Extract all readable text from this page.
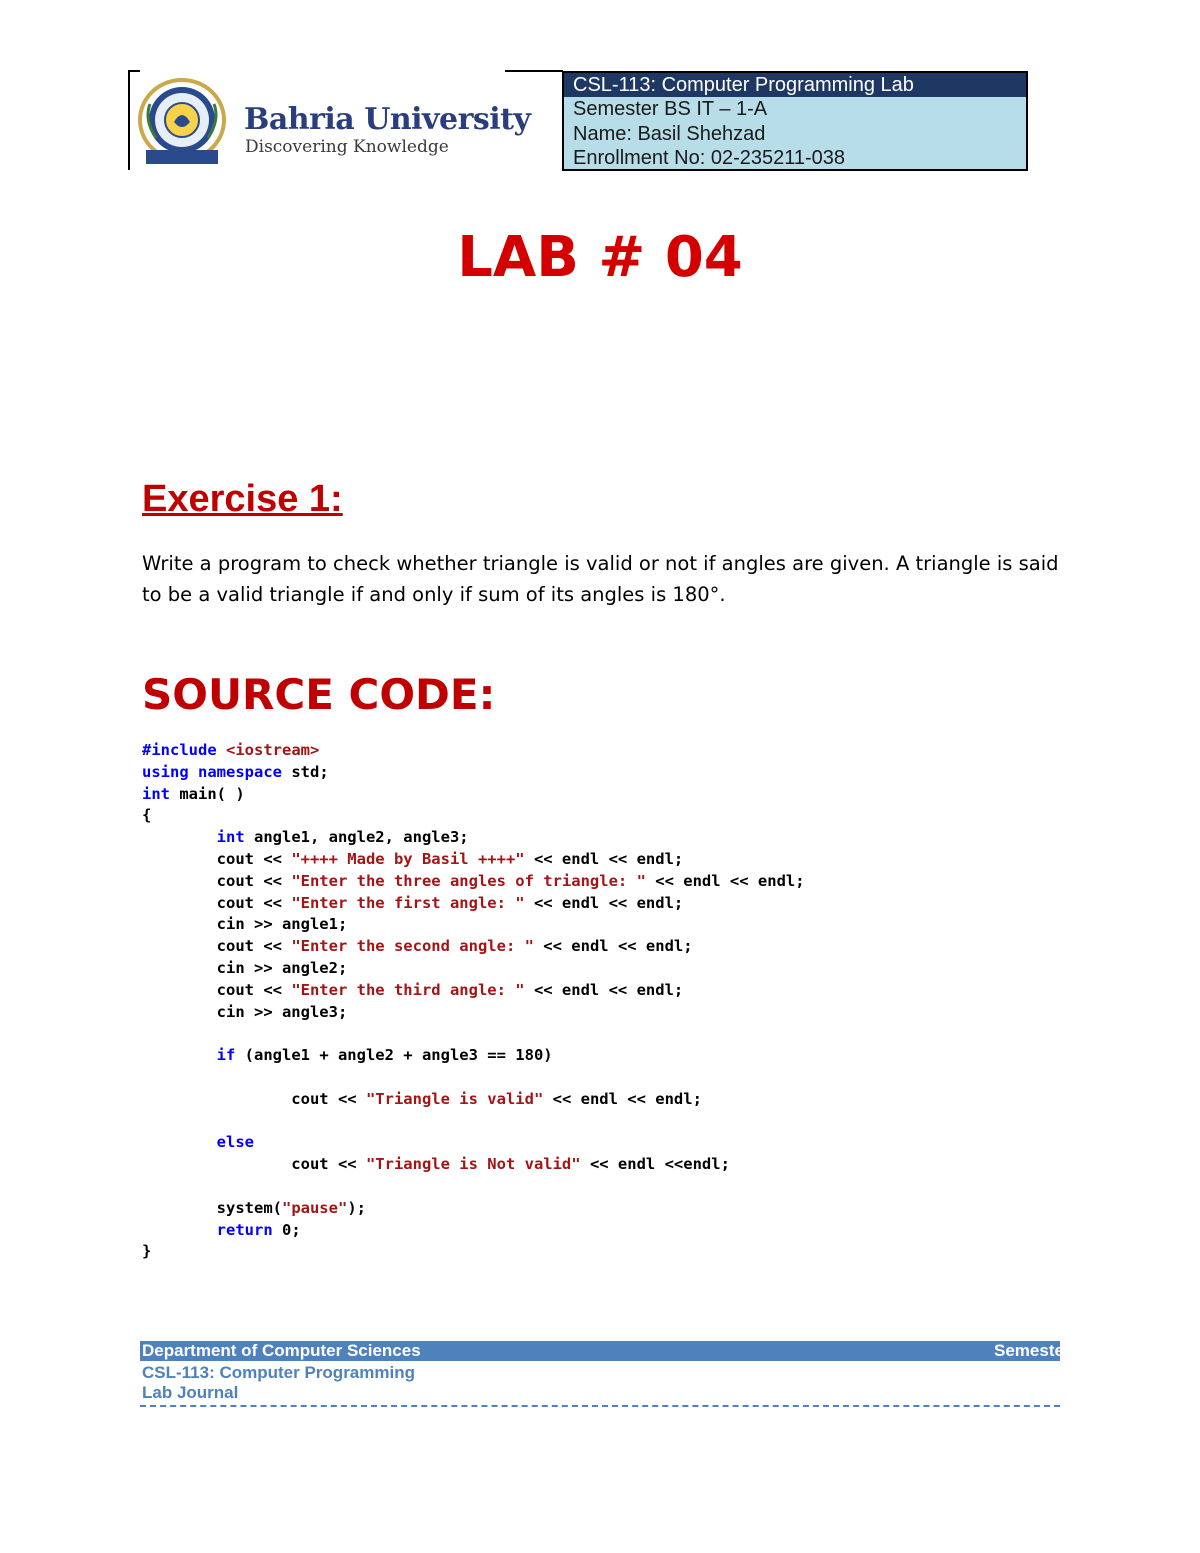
Bahria University
Discovering Knowledge
CSL-113: Computer Programming Lab
Semester BS IT – 1-A
Name: Basil Shehzad
Enrollment No: 02-235211-038
LAB # 04
Exercise 1:
Write a program to check whether triangle is valid or not if angles are given. A triangle is said to be a valid triangle if and only if sum of its angles is 180°.
SOURCE CODE:
#include <iostream>
using namespace std;
int main( )
{
int angle1, angle2, angle3;
cout << "++++ Made by Basil ++++" << endl << endl;
cout << "Enter the three angles of triangle: " << endl << endl;
cout << "Enter the first angle: " << endl << endl;
cin >> angle1;
cout << "Enter the second angle: " << endl << endl;
cin >> angle2;
cout << "Enter the third angle: " << endl << endl;
cin >> angle3;

if (angle1 + angle2 + angle3 == 180)

cout << "Triangle is valid" << endl << endl;

else
cout << "Triangle is Not valid" << endl <<endl;

system("pause");
return 0;
}
Department of Computer Sciences	Semester
CSL-113: Computer Programming
Lab Journal
